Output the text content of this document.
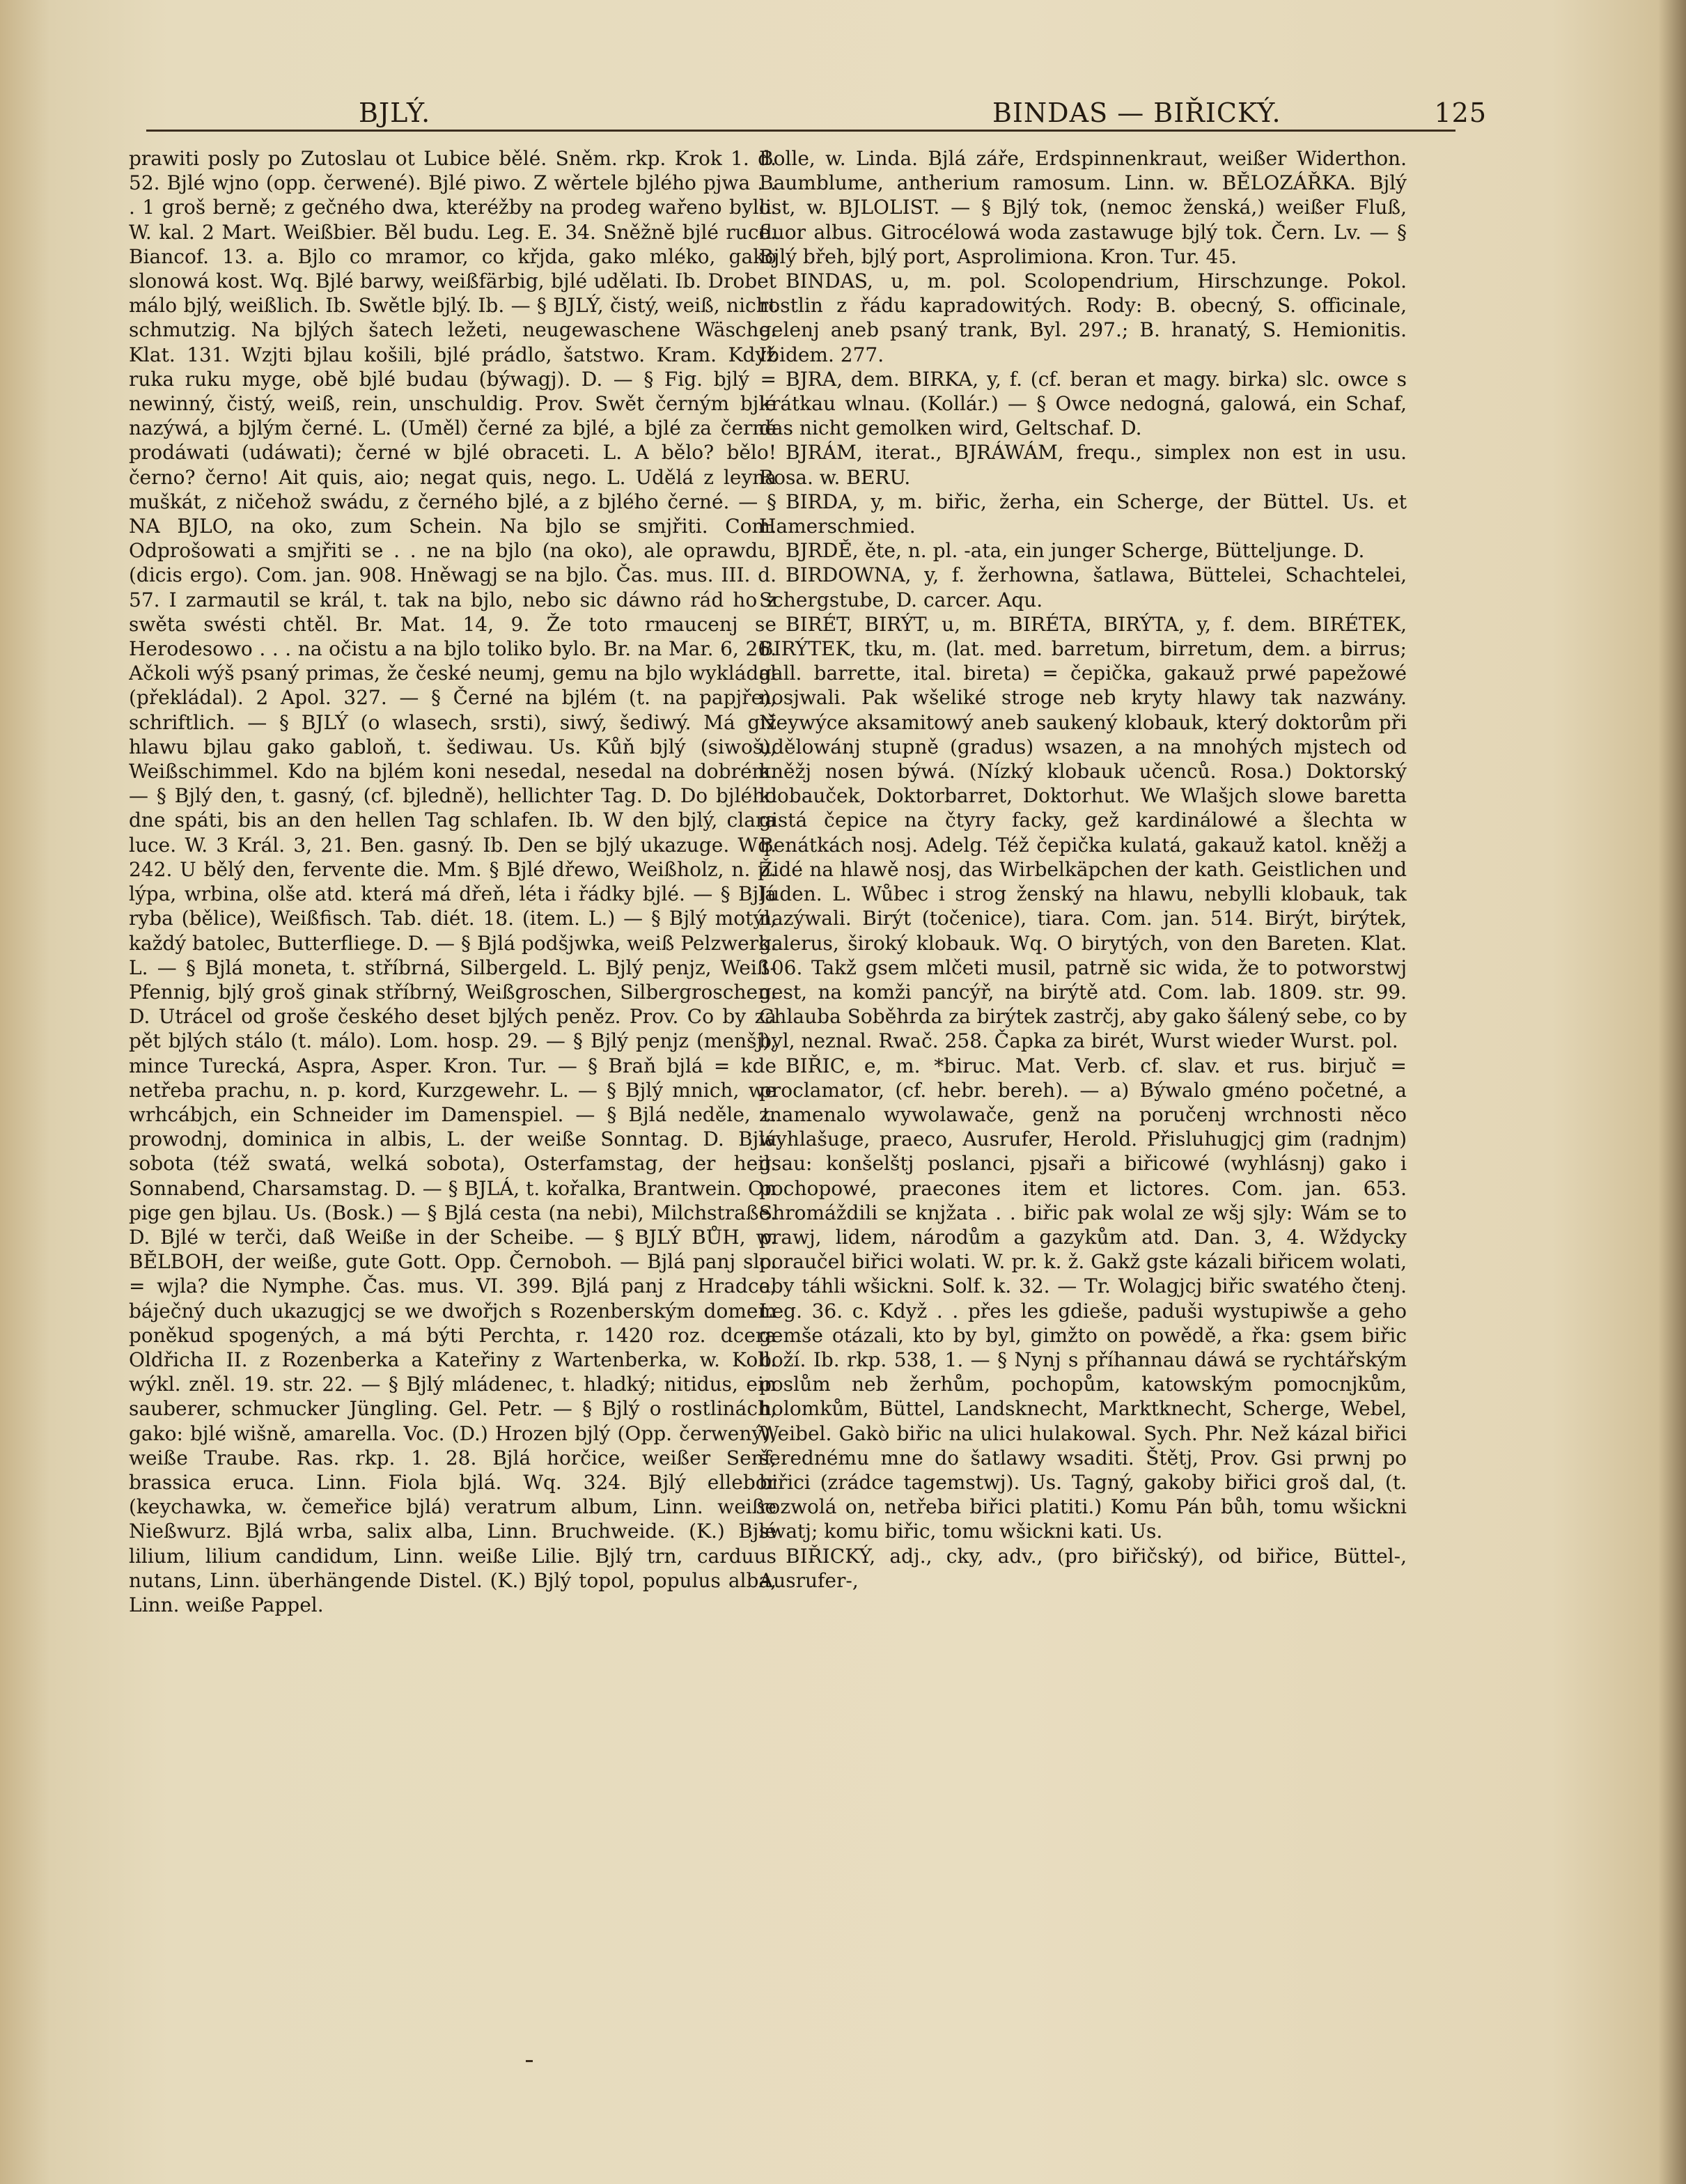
BJLÝ.	BINDAS — BIŘICKÝ.	125

prawiti posly po Zutoslau ot Lubice bělé. Sněm. rkp. Krok 1. d. 52. Bjlé wjno (opp. čerwené). Bjlé piwo. Z wěrtele bjlého pjwa . . . 1 groš berně; z gečného dwa, kteréžby na prodeg wařeno bylo. W. kal. 2 Mart. Weißbier. Běl budu. Leg. E. 34. Sněžně bjlé ruce. Biancof. 13. a. Bjlo co mramor, co křjda, gako mléko, gako slonowá kost. Wq. Bjlé barwy, weißfärbig, bjlé udělati. Ib. Drobet málo bjlý, weißlich. Ib. Swětle bjlý. Ib. — § BJLÝ, čistý, weiß, nicht schmutzig. Na bjlých šatech ležeti, neugewaschene Wäsche. Klat. 131. Wzjti bjlau košili, bjlé prádlo, šatstwo. Kram. Když ruka ruku myge, obě bjlé budau (býwagj). D. — § Fig. bjlý = newinný, čistý, weiß, rein, unschuldig. Prov. Swět černým bjlé nazýwá, a bjlým černé. L. (Uměl) černé za bjlé, a bjlé za černé prodáwati (udáwati); černé w bjlé obraceti. L. A bělo? bělo! černo? černo! Ait quis, aio; negat quis, nego. L. Udělá z leyna muškát, z ničehož swádu, z černého bjlé, a z bjlého černé. — § NA BJLO, na oko, zum Schein. Na bjlo se smjřiti. Com. Odprošowati a smjřiti se . . ne na bjlo (na oko), ale oprawdu, (dicis ergo). Com. jan. 908. Hněwagj se na bjlo. Čas. mus. III. d. 57. I zarmautil se král, t. tak na bjlo, nebo sic dáwno rád ho z swěta swésti chtěl. Br. Mat. 14, 9. Že toto rmaucenj se Herodesowo . . . na očistu a na bjlo toliko bylo. Br. na Mar. 6, 26. Ačkoli wýš psaný primas, že české neumj, gemu na bjlo wykládal (překládal). 2 Apol. 327. — § Černé na bjlém (t. na papjře), schriftlich. — § BJLÝ (o wlasech, srsti), siwý, šediwý. Má giž hlawu bjlau gako gabloň, t. šediwau. Us. Kůň bjlý (siwoš), Weißschimmel. Kdo na bjlém koni nesedal, nesedal na dobrém. — § Bjlý den, t. gasný, (cf. bjledně), hellichter Tag. D. Do bjlého dne spáti, bis an den hellen Tag schlafen. Ib. W den bjlý, clara luce. W. 3 Král. 3, 21. Ben. gasný. Ib. Den se bjlý ukazuge. Wq. 242. U bělý den, fervente die. Mm. § Bjlé dřewo, Weißholz, n. p. lýpa, wrbina, olše atd. která má dřeň, léta i řádky bjlé. — § Bjlá ryba (bělice), Weißfisch. Tab. diét. 18. (item. L.) — § Bjlý motýl, každý batolec, Butterfliege. D. — § Bjlá podšjwka, weiß Pelzwerk. L. — § Bjlá moneta, t. stříbrná, Silbergeld. L. Bjlý penjz, Weiß-Pfennig, bjlý groš ginak stříbrný, Weißgroschen, Silbergroschen. D. Utrácel od groše českého deset bjlých peněz. Prov. Co by za pět bjlých stálo (t. málo). Lom. hosp. 29. — § Bjlý penjz (menšj), mince Turecká, Aspra, Asper. Kron. Tur. — § Braň bjlá = kde netřeba prachu, n. p. kord, Kurzgewehr. L. — § Bjlý mnich, we wrhcábjch, ein Schneider im Damenspiel. — § Bjlá neděle, t. prowodnj, dominica in albis, L. der weiße Sonntag. D. Bjlá sobota (též swatá, welká sobota), Osterfamstag, der heil. Sonnabend, Charsamstag. D. — § BJLÁ, t. kořalka, Brantwein. On pige gen bjlau. Us. (Bosk.) — § Bjlá cesta (na nebi), Milchstraße. D. Bjlé w terči, daß Weiße in der Scheibe. — § BJLÝ BŮH, w. BĚLBOH, der weiße, gute Gott. Opp. Černoboh. — Bjlá panj slc. = wjla? die Nymphe. Čas. mus. VI. 399. Bjlá panj z Hradce, báječný duch ukazugjcj se we dwořjch s Rozenberským domem poněkud spogených, a má býti Perchta, r. 1420 roz. dcera Oldřicha II. z Rozenberka a Kateřiny z Wartenberka, w. Koll. wýkl. zněl. 19. str. 22. — § Bjlý mládenec, t. hladký; nitidus, ein sauberer, schmucker Jüngling. Gel. Petr. — § Bjlý o rostlinách, gako: bjlé wišně, amarella. Voc. (D.) Hrozen bjlý (Opp. čerwený), weiße Traube. Ras. rkp. 1. 28. Bjlá horčice, weißer Senf, brassica eruca. Linn. Fiola bjlá. Wq. 324. Bjlý ellebor (keychawka, w. čemeřice bjlá) veratrum album, Linn. weiße Nießwurz. Bjlá wrba, salix alba, Linn. Bruchweide. (K.) Bjlé lilium, lilium candidum, Linn. weiße Lilie. Bjlý trn, carduus nutans, Linn. überhängende Distel. (K.) Bjlý topol, populus alba, Linn. weiße Pappel.

Bolle, w. Linda. Bjlá záře, Erdspinnenkraut, weißer Widerthon. Baumblume, antherium ramosum. Linn. w. BĚLOZÁŘKA. Bjlý list, w. BJLOLIST. — § Bjlý tok, (nemoc ženská,) weißer Fluß, fluor albus. Gitrocélowá woda zastawuge bjlý tok. Čern. Lv. — § Bjlý břeh, bjlý port, Asprolimiona. Kron. Tur. 45.

BINDAS, u, m. pol. Scolopendrium, Hirschzunge. Pokol. rostlin z řádu kapradowitých. Rody: B. obecný, S. officinale, gelenj aneb psaný trank, Byl. 297.; B. hranatý, S. Hemionitis. Ibidem. 277.

BJRA, dem. BIRKA, y, f. (cf. beran et magy. birka) slc. owce s krátkau wlnau. (Kollár.) — § Owce nedogná, galowá, ein Schaf, das nicht gemolken wird, Geltschaf. D.

BJRÁM, iterat., BJRÁWÁM, frequ., simplex non est in usu. Rosa. w. BERU.

BIRDA, y, m. biřic, žerha, ein Scherge, der Büttel. Us. et Hamerschmied.

BJRDĚ, ěte, n. pl. -ata, ein junger Scherge, Bütteljunge. D.

BIRDOWNA, y, f. žerhowna, šatlawa, Büttelei, Schachtelei, Schergstube, D. carcer. Aqu.

BIRÉT, BIRÝT, u, m. BIRÉTA, BIRÝTA, y, f. dem. BIRÉTEK, BIRÝTEK, tku, m. (lat. med. barretum, birretum, dem. a birrus; gall. barrette, ital. bireta) = čepička, gakauž prwé papežowé nosjwali. Pak wšeliké stroge neb kryty hlawy tak nazwány. Neywýce aksamitowý aneb saukený klobauk, který doktorům při udělowánj stupně (gradus) wsazen, a na mnohých mjstech od kněžj nosen býwá. (Nízký klobauk učenců. Rosa.) Doktorský klobauček, Doktorbarret, Doktorhut. We Wlašjch slowe baretta gistá čepice na čtyry facky, gež kardinálowé a šlechta w Benátkách nosj. Adelg. Též čepička kulatá, gakauž katol. kněžj a Židé na hlawě nosj, das Wirbelkäpchen der kath. Geistlichen und Juden. L. Wůbec i strog ženský na hlawu, nebylli klobauk, tak nazýwali. Birýt (točenice), tiara. Com. jan. 514. Birýt, birýtek, galerus, široký klobauk. Wq. O birytých, von den Bareten. Klat. 106. Takž gsem mlčeti musil, patrně sic wida, že to potworstwj gest, na komži pancýř, na birýtě atd. Com. lab. 1809. str. 99. Chlauba Soběhrda za birýtek zastrčj, aby gako šálený sebe, co by byl, neznal. Rwač. 258. Čapka za birét, Wurst wieder Wurst. pol.

BIŘIC, e, m. *biruc. Mat. Verb. cf. slav. et rus. birjuč = proclamator, (cf. hebr. bereh). — a) Býwalo gméno početné, a znamenalo wywolawače, genž na poručenj wrchnosti něco wyhlašuge, praeco, Ausrufer, Herold. Přisluhugjcj gim (radnjm) gsau: konšelštj poslanci, pjsaři a biřicowé (wyhlásnj) gako i pochopowé, praecones item et lictores. Com. jan. 653. Shromáždili se knjžata . . biřic pak wolal ze wšj sjly: Wám se to prawj, lidem, národům a gazykům atd. Dan. 3, 4. Wždycky poraučel biřici wolati. W. pr. k. ž. Gakž gste kázali biřicem wolati, aby táhli wšickni. Solf. k. 32. — Tr. Wolagjcj biřic swatého čtenj. Leg. 36. c. Když . . přes les gdieše, paduši wystupiwše a geho gemše otázali, kto by byl, gimžto on powědě, a řka: gsem biřic boží. Ib. rkp. 538, 1. — § Nynj s příhannau dáwá se rychtářským poslům neb žerhům, pochopům, katowským pomocnjkům, holomkům, Büttel, Landsknecht, Marktknecht, Scherge, Webel, Weibel. Gakò biřic na ulici hulakowal. Sych. Phr. Než kázal biřici šerednému mne do šatlawy wsaditi. Štětj, Prov. Gsi prwnj po biřici (zrádce tagemstwj). Us. Tagný, gakoby biřici groš dal, (t. rozwolá on, netřeba biřici platiti.) Komu Pán bůh, tomu wšickni swatj; komu biřic, tomu wšickni kati. Us.

BIŘICKÝ, adj., cky, adv., (pro biřičský), od biřice, Büttel-, Ausrufer-,
